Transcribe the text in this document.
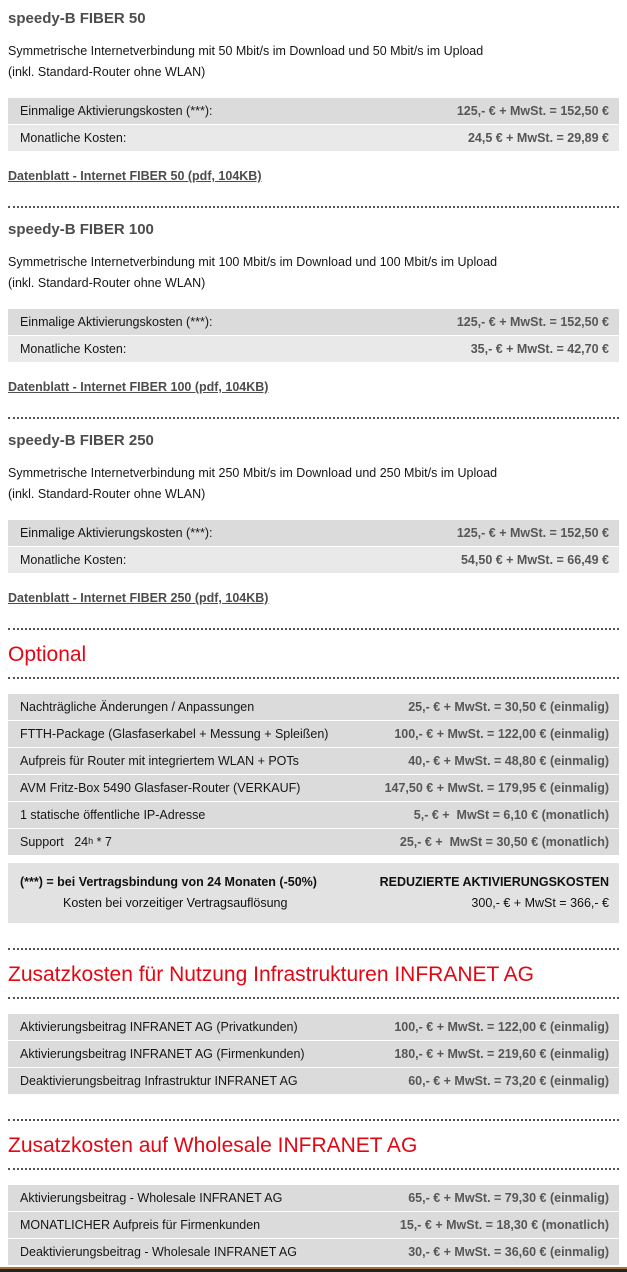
speedy-B FIBER 50

Symmetrische Internetverbindung mit 50 Mbit/s im Download und 50 Mbit/s im Upload

(inkl. Standard-Router ohne WLAN)

Einmalige Aktivierungskosten (***):	125,- € + MwSt. = 152,50 €
Monatliche Kosten:	24,5 € + MwSt. = 29,89 €
Datenblatt - Internet FIBER 50 (pdf, 104KB)
speedy-B FIBER 100

Symmetrische Internetverbindung mit 100 Mbit/s im Download und 100 Mbit/s im Upload

(inkl. Standard-Router ohne WLAN)

Einmalige Aktivierungskosten (***):	125,- € + MwSt. = 152,50 €
Monatliche Kosten:	35,- € + MwSt. = 42,70 €
Datenblatt - Internet FIBER 100 (pdf, 104KB)
speedy-B FIBER 250

Symmetrische Internetverbindung mit 250 Mbit/s im Download und 250 Mbit/s im Upload

(inkl. Standard-Router ohne WLAN)

Einmalige Aktivierungskosten (***):	125,- € + MwSt. = 152,50 €
Monatliche Kosten:	54,50 € + MwSt. = 66,49 €
Datenblatt - Internet FIBER 250 (pdf, 104KB)
Optional
Nachträgliche Änderungen / Anpassungen	25,- € + MwSt. = 30,50 € (einmalig)
FTTH-Package (Glasfaserkabel + Messung + Spleißen)	100,- € + MwSt. = 122,00 € (einmalig)
Aufpreis für Router mit integriertem WLAN + POTs	40,- € + MwSt. = 48,80 € (einmalig)
AVM Fritz-Box 5490 Glasfaser-Router (VERKAUF)	147,50 € + MwSt. = 179,95 € (einmalig)
1 statische öffentliche IP-Adresse	5,- € +  MwSt = 6,10 € (monatlich)
Support   24$^h$ * 7	25,- € +  MwSt = 30,50 € (monatlich)
(***) = bei Vertragsbindung von 24 Monaten (-50%)	REDUZIERTE AKTIVIERUNGSKOSTEN
Kosten bei vorzeitiger Vertragsauflösung	300,- € + MwSt = 366,- €
Zusatzkosten für Nutzung Infrastrukturen INFRANET AG
Aktivierungsbeitrag INFRANET AG (Privatkunden)	100,- € + MwSt. = 122,00 € (einmalig)
Aktivierungsbeitrag INFRANET AG (Firmenkunden)	180,- € + MwSt. = 219,60 € (einmalig)
Deaktivierungsbeitrag Infrastruktur INFRANET AG	60,- € + MwSt. = 73,20 € (einmalig)
Zusatzkosten auf Wholesale INFRANET AG
Aktivierungsbeitrag - Wholesale INFRANET AG	65,- € + MwSt. = 79,30 € (einmalig)
MONATLICHER Aufpreis für Firmenkunden	15,- € + MwSt. = 18,30 € (monatlich)
Deaktivierungsbeitrag - Wholesale INFRANET AG	30,- € + MwSt. = 36,60 € (einmalig)
